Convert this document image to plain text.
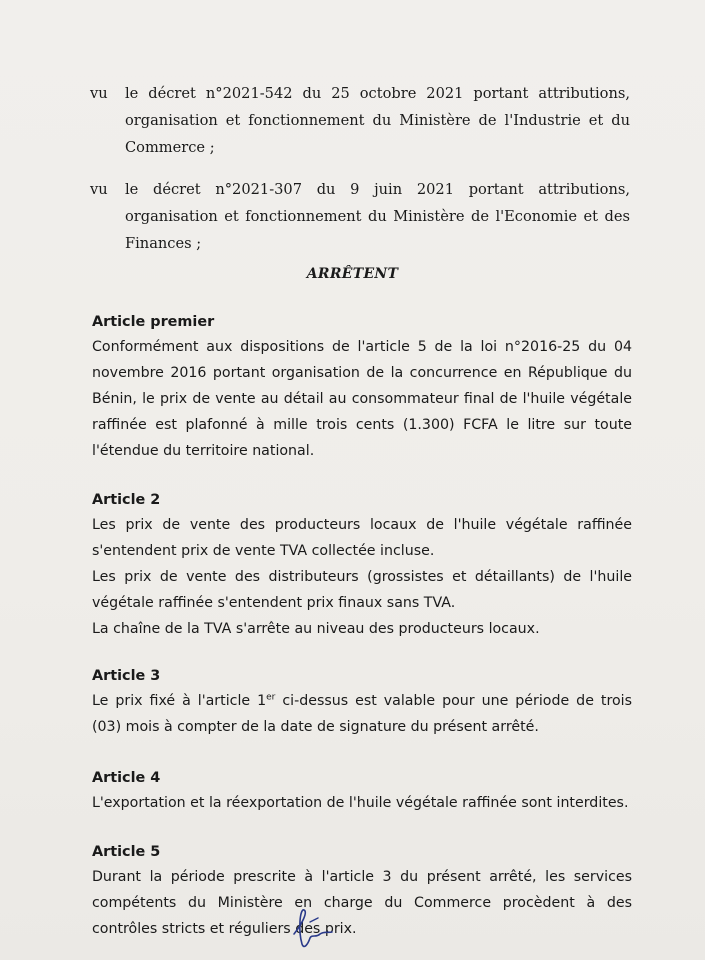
vu le décret n°2021-542 du 25 octobre 2021 portant attributions, organisation et fonctionnement du Ministère de l'Industrie et du Commerce ;
vu le décret n°2021-307 du 9 juin 2021 portant attributions, organisation et fonctionnement du Ministère de l'Economie et des Finances ;
ARRÊTENT
Article premier

Conformément aux dispositions de l'article 5 de la loi n°2016-25 du 04 novembre 2016 portant organisation de la concurrence en République du Bénin, le prix de vente au détail au consommateur final de l'huile végétale raffinée est plafonné à mille trois cents (1.300) FCFA le litre sur toute l'étendue du territoire national.

Article 2

Les prix de vente des producteurs locaux de l'huile végétale raffinée s'entendent prix de vente TVA collectée incluse.

Les prix de vente des distributeurs (grossistes et détaillants) de l'huile végétale raffinée s'entendent prix finaux sans TVA.

La chaîne de la TVA s'arrête au niveau des producteurs locaux.

Article 3

Le prix fixé à l'article 1er ci-dessus est valable pour une période de trois (03) mois à compter de la date de signature du présent arrêté.

Article 4

L'exportation et la réexportation de l'huile végétale raffinée sont interdites.

Article 5

Durant la période prescrite à l'article 3 du présent arrêté, les services compétents du Ministère en charge du Commerce procèdent à des contrôles stricts et réguliers des prix.
